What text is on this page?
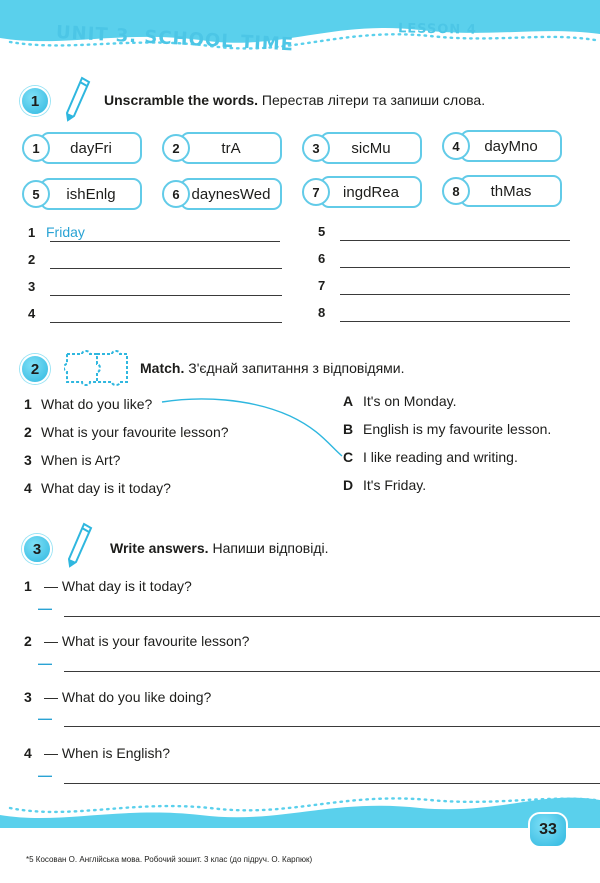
UNIT 3. SCHOOL TIME	LESSON 4
1	Unscramble the words. Перестав літери та запиши слова.
dayFri
1	trA
2	sicMu
3	dayMno
4
ishEnlg
5	daynesWed
6	ingdRea
7	thMas
8
1 Friday
2
3
4
5
6
7
8
2	Match. З'єднай запитання з відповідями.
1 What do you like?
2 What is your favourite lesson?
3 When is Art?
4 What day is it today?
A It's on Monday.
B English is my favourite lesson.
C I like reading and writing.
D It's Friday.
3	Write answers. Напиши відповіді.
1 — What day is it today?
—
2 — What is your favourite lesson?
—
3 — What do you like doing?
—
4 — When is English?
—
33
*5 Косован О. Англійська мова. Робочий зошит. 3 клас (до підруч. О. Карпюк)
